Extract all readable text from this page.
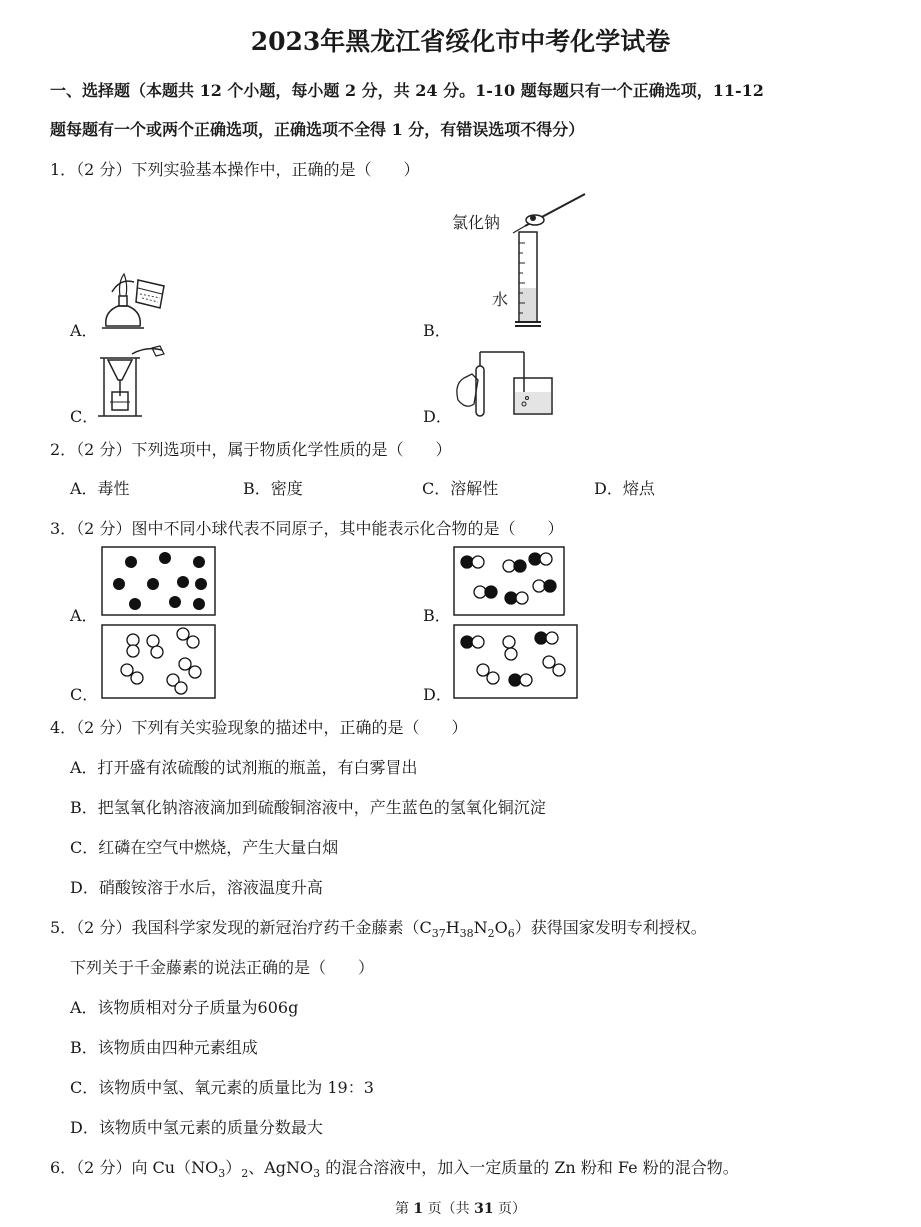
2023年黑龙江省绥化市中考化学试卷
一、选择题（本题共 12 个小题，每小题 2 分，共 24 分。1-10 题每题只有一个正确选项，11-12
题每题有一个或两个正确选项，正确选项不全得 1 分，有错误选项不得分）
1．（2 分）下列实验基本操作中，正确的是（　　）
A．	B．
氯化钠
水
C．	D．
2．（2 分）下列选项中，属于物质化学性质的是（　　）
A．毒性	B．密度	C．溶解性	D．熔点
3．（2 分）图中不同小球代表不同原子，其中能表示化合物的是（　　）
A．	B．
C．	D．
4．（2 分）下列有关实验现象的描述中，正确的是（　　）
A．打开盛有浓硫酸的试剂瓶的瓶盖，有白雾冒出
B．把氢氧化钠溶液滴加到硫酸铜溶液中，产生蓝色的氢氧化铜沉淀
C．红磷在空气中燃烧，产生大量白烟
D．硝酸铵溶于水后，溶液温度升高
5．（2 分）我国科学家发现的新冠治疗药千金藤素$(C_{37}H_{38}N_2O_6)$获得国家发明专利授权。
下列关于千金藤素的说法正确的是（　　）
A．该物质相对分子质量为606g
B．该物质由四种元素组成
C．该物质中氢、氧元素的质量比为 19：3
D．该物质中氢元素的质量分数最大
6．（2 分）向 $Cu(NO_3)_2$、AgNO$_3$ 的混合溶液中，加入一定质量的 Zn 粉和 Fe 粉的混合物。
第 1 页（共 31 页）
